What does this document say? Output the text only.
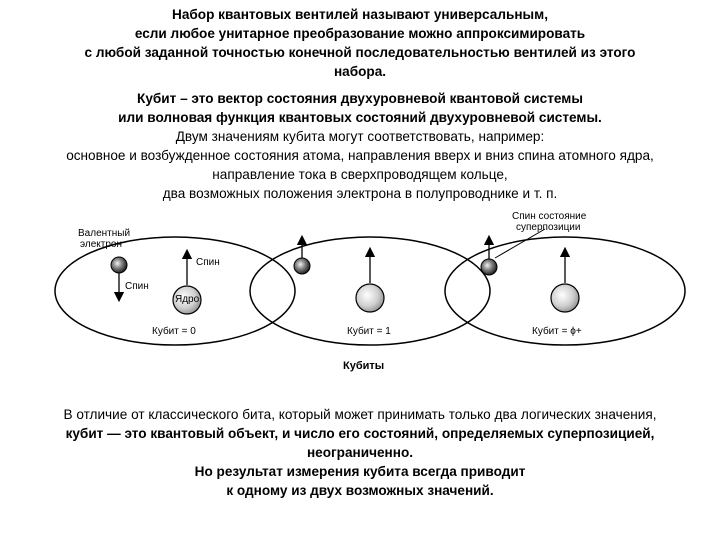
Набор квантовых вентилей называют универсальным,
если любое унитарное преобразование можно аппроксимировать
с любой заданной точностью конечной последовательностью вентилей из этого
набора.
Кубит – это вектор состояния двухуровневой квантовой системы
или волновая функция квантовых состояний двухуровневой системы.
Двум значениям кубита могут соответствовать, например:
основное и возбужденное состояния атома, направления вверх и вниз спина атомного ядра,
направление тока в сверхпроводящем кольце,
два возможных положения электрона в полупроводнике и т. п.
Валентный электрон
Спин
Спин
Ядро
Спин состояние суперпозиции
Кубит = 0	Кубит = 1	Кубит = ϕ+
Кубиты
В отличие от классического бита, который может принимать только два логических значения,
кубит — это квантовый объект, и число его состояний, определяемых суперпозицией,
неограниченно.
Но результат измерения кубита всегда приводит
к одному из двух возможных значений.
